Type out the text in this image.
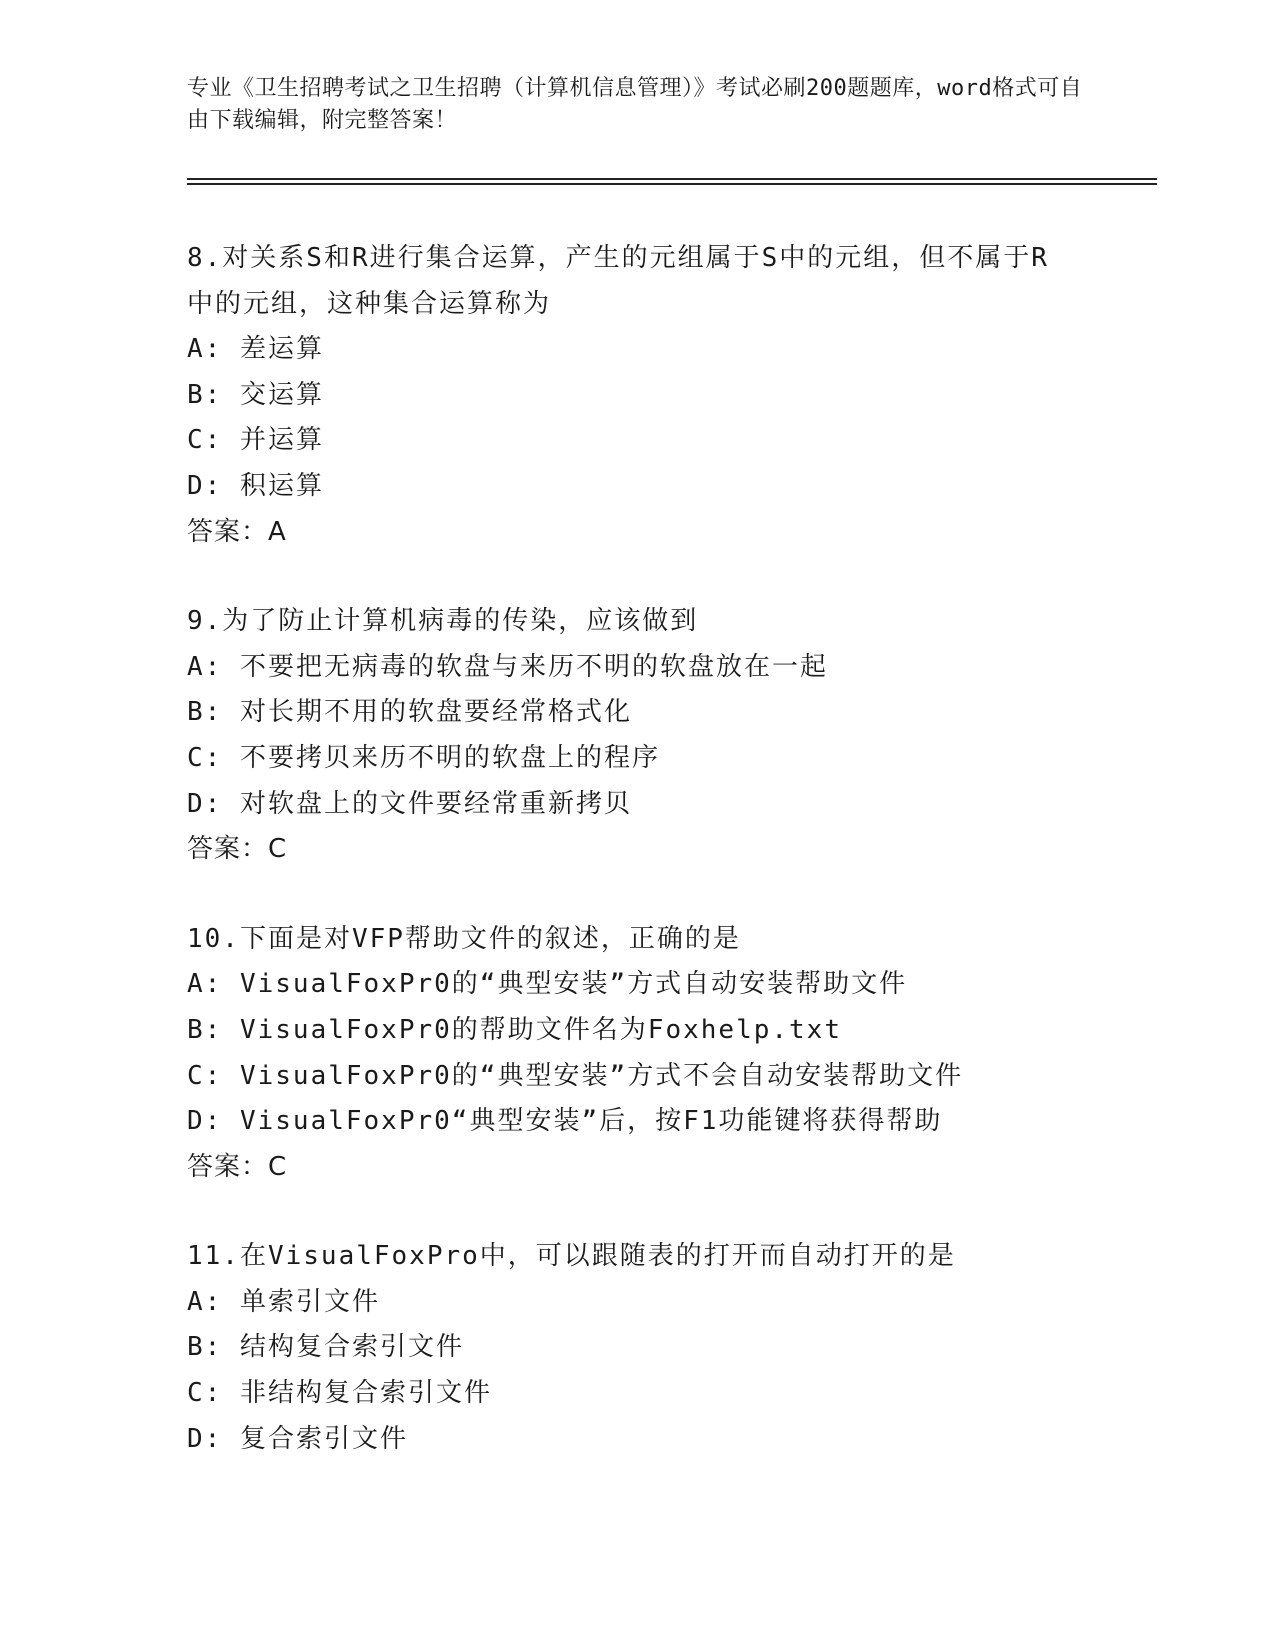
专业《卫生招聘考试之卫生招聘（计算机信息管理）》考试必刷200题题库，word格式可自由下载编辑，附完整答案！
8.对关系S和R进行集合运算，产生的元组属于S中的元组，但不属于R中的元组，这种集合运算称为
A: 差运算
B: 交运算
C: 并运算
D: 积运算
答案：A
9.为了防止计算机病毒的传染，应该做到
A: 不要把无病毒的软盘与来历不明的软盘放在一起
B: 对长期不用的软盘要经常格式化
C: 不要拷贝来历不明的软盘上的程序
D: 对软盘上的文件要经常重新拷贝
答案：C
10.下面是对VFP帮助文件的叙述，正确的是
A: VisualFoxPr0的“典型安装”方式自动安装帮助文件
B: VisualFoxPr0的帮助文件名为Foxhelp.txt
C: VisualFoxPr0的“典型安装”方式不会自动安装帮助文件
D: VisualFoxPr0“典型安装”后，按F1功能键将获得帮助
答案：C
11.在VisualFoxPro中，可以跟随表的打开而自动打开的是
A: 单索引文件
B: 结构复合索引文件
C: 非结构复合索引文件
D: 复合索引文件
